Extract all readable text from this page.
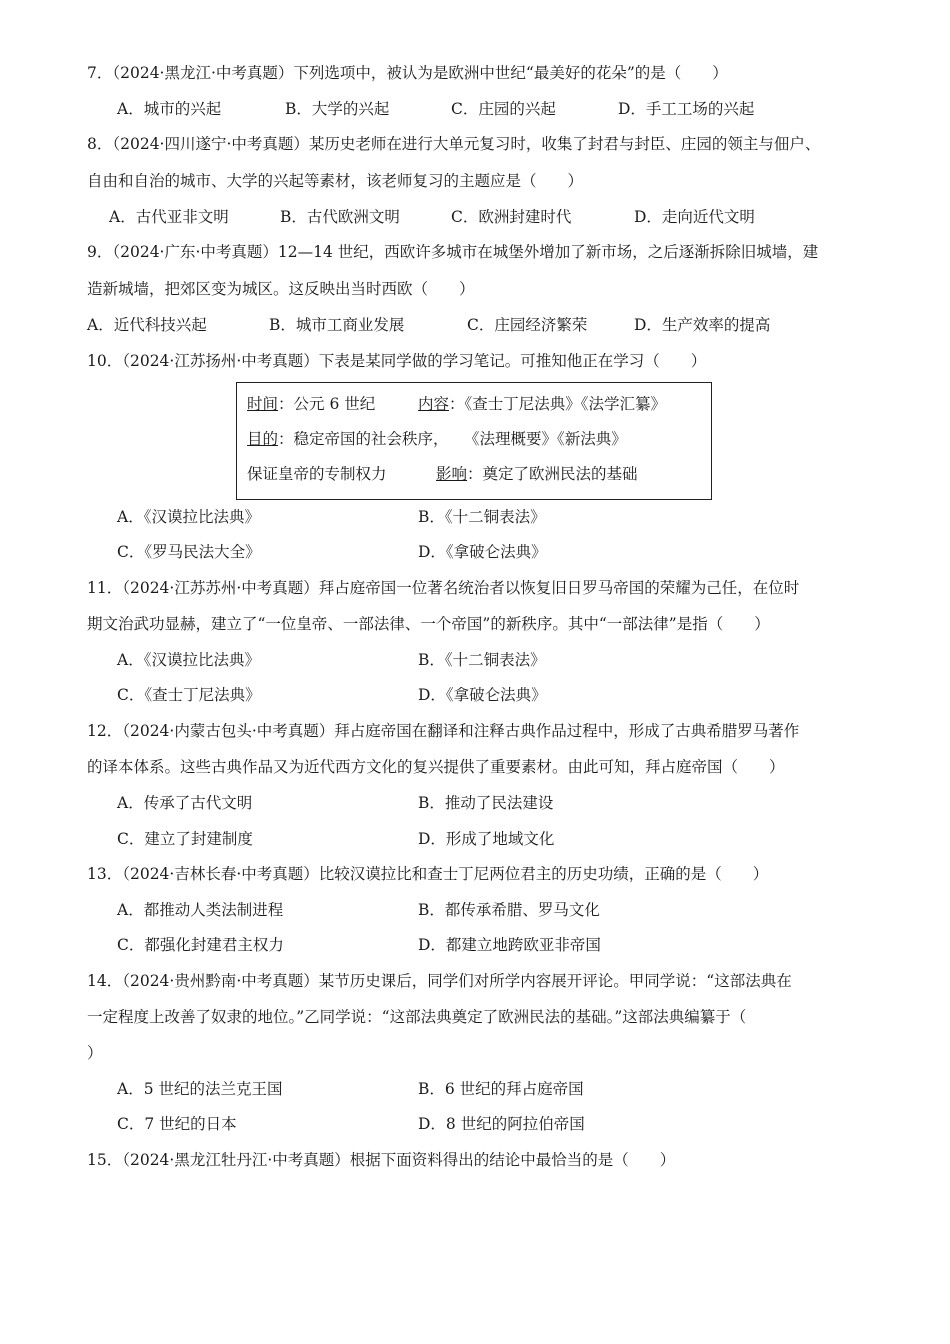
7．（2024·黑龙江·中考真题）下列选项中，被认为是欧洲中世纪“最美好的花朵”的是（　　）
A．城市的兴起	B．大学的兴起	C．庄园的兴起	D．手工工场的兴起
8．（2024·四川遂宁·中考真题）某历史老师在进行大单元复习时，收集了封君与封臣、庄园的领主与佃户、
自由和自治的城市、大学的兴起等素材，该老师复习的主题应是（　　）
A．古代亚非文明	B．古代欧洲文明	C．欧洲封建时代	D．走向近代文明
9．（2024·广东·中考真题）12—14 世纪，西欧许多城市在城堡外增加了新市场，之后逐渐拆除旧城墙，建
造新城墙，把郊区变为城区。这反映出当时西欧（　　）
A．近代科技兴起	B．城市工商业发展	C．庄园经济繁荣	D．生产效率的提高
10．（2024·江苏扬州·中考真题）下表是某同学做的学习笔记。可推知他正在学习（　　）
时间：公元 6 世纪	内容：《查士丁尼法典》《法学汇纂》
目的：稳定帝国的社会秩序，　　《法理概要》《新法典》
保证皇帝的专制权力	影响：奠定了欧洲民法的基础
A．《汉谟拉比法典》	B．《十二铜表法》
C．《罗马民法大全》	D．《拿破仑法典》
11．（2024·江苏苏州·中考真题）拜占庭帝国一位著名统治者以恢复旧日罗马帝国的荣耀为己任，在位时
期文治武功显赫，建立了“一位皇帝、一部法律、一个帝国”的新秩序。其中“一部法律”是指（　　）
A．《汉谟拉比法典》	B．《十二铜表法》
C．《查士丁尼法典》	D．《拿破仑法典》
12．（2024·内蒙古包头·中考真题）拜占庭帝国在翻译和注释古典作品过程中，形成了古典希腊罗马著作
的译本体系。这些古典作品又为近代西方文化的复兴提供了重要素材。由此可知，拜占庭帝国（　　）
A．传承了古代文明	B．推动了民法建设
C．建立了封建制度	D．形成了地域文化
13．（2024·吉林长春·中考真题）比较汉谟拉比和查士丁尼两位君主的历史功绩，正确的是（　　）
A．都推动人类法制进程	B．都传承希腊、罗马文化
C．都强化封建君主权力	D．都建立地跨欧亚非帝国
14．（2024·贵州黔南·中考真题）某节历史课后，同学们对所学内容展开评论。甲同学说：“这部法典在
一定程度上改善了奴隶的地位。”乙同学说：“这部法典奠定了欧洲民法的基础。”这部法典编纂于（
）
A．5 世纪的法兰克王国	B．6 世纪的拜占庭帝国
C．7 世纪的日本	D．8 世纪的阿拉伯帝国
15．（2024·黑龙江牡丹江·中考真题）根据下面资料得出的结论中最恰当的是（　　）
